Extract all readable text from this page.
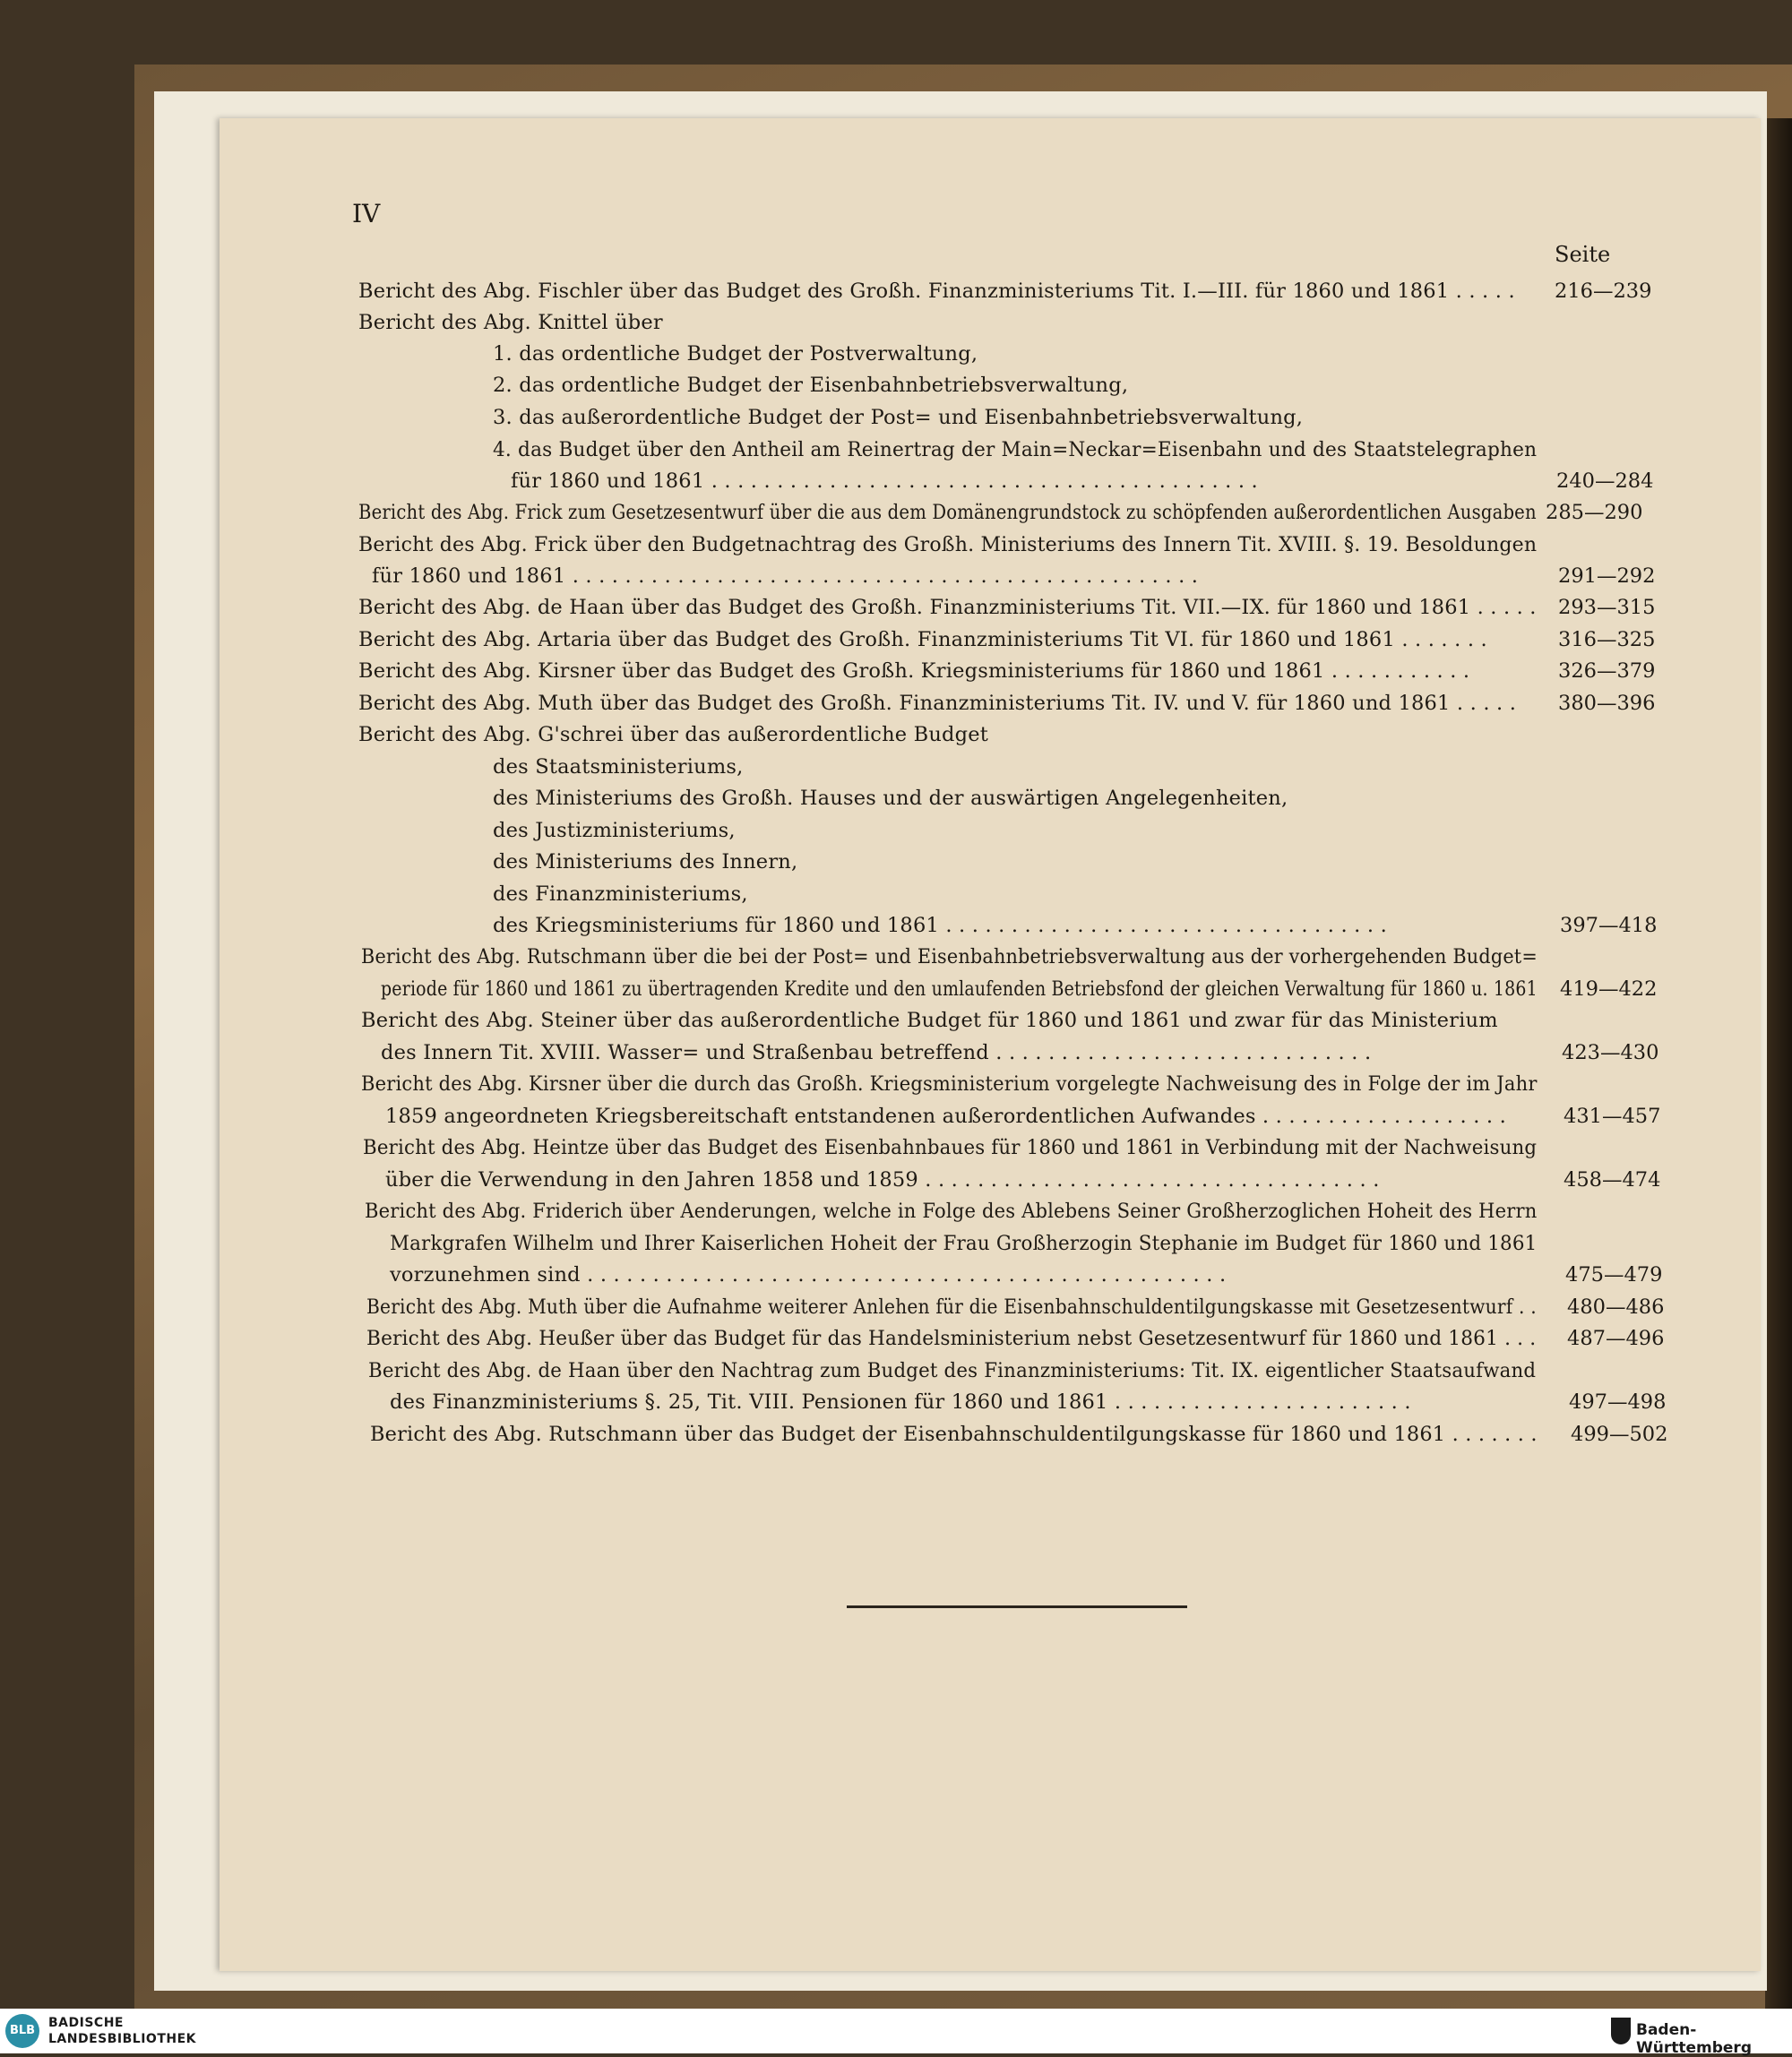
IV
Seite
Bericht des Abg. Fischler über das Budget des Großh. Finanzministeriums Tit. I.—III. für 1860 und 1861 . . . . . 216—239
Bericht des Abg. Knittel über
1. das ordentliche Budget der Postverwaltung,
2. das ordentliche Budget der Eisenbahnbetriebsverwaltung,
3. das außerordentliche Budget der Post= und Eisenbahnbetriebsverwaltung,
4. das Budget über den Antheil am Reinertrag der Main=Neckar=Eisenbahn und des Staatstelegraphen
für 1860 und 1861 . . . . . . . . . . . . . . . . . . . . . . . . . . . . . . . . . . . . . . . . . .	240—284
Bericht des Abg. Frick zum Gesetzesentwurf über die aus dem Domänengrundstock zu schöpfenden außerordentlichen Ausgaben 285—290
Bericht des Abg. Frick über den Budgetnachtrag des Großh. Ministeriums des Innern Tit. XVIII. §. 19. Besoldungen
für 1860 und 1861 . . . . . . . . . . . . . . . . . . . . . . . . . . . . . . . . . . . . . . . . . . . . . . . .	291—292
Bericht des Abg. de Haan über das Budget des Großh. Finanzministeriums Tit. VII.—IX. für 1860 und 1861 . . . . . 293—315
Bericht des Abg. Artaria über das Budget des Großh. Finanzministeriums Tit VI. für 1860 und 1861 . . . . . . .	316—325
Bericht des Abg. Kirsner über das Budget des Großh. Kriegsministeriums für 1860 und 1861 . . . . . . . . . . .	326—379
Bericht des Abg. Muth über das Budget des Großh. Finanzministeriums Tit. IV. und V. für 1860 und 1861 . . . . . 380—396
Bericht des Abg. G'schrei über das außerordentliche Budget
des Staatsministeriums,
des Ministeriums des Großh. Hauses und der auswärtigen Angelegenheiten,
des Justizministeriums,
des Ministeriums des Innern,
des Finanzministeriums,
des Kriegsministeriums für 1860 und 1861 . . . . . . . . . . . . . . . . . . . . . . . . . . . . . . . . . .	397—418
Bericht des Abg. Rutschmann über die bei der Post= und Eisenbahnbetriebsverwaltung aus der vorhergehenden Budget=
periode für 1860 und 1861 zu übertragenden Kredite und den umlaufenden Betriebsfond der gleichen Verwaltung für 1860 u. 1861 419—422
Bericht des Abg. Steiner über das außerordentliche Budget für 1860 und 1861 und zwar für das Ministerium
des Innern Tit. XVIII. Wasser= und Straßenbau betreffend . . . . . . . . . . . . . . . . . . . . . . . . . . . . .	423—430
Bericht des Abg. Kirsner über die durch das Großh. Kriegsministerium vorgelegte Nachweisung des in Folge der im Jahr
1859 angeordneten Kriegsbereitschaft entstandenen außerordentlichen Aufwandes . . . . . . . . . . . . . . . . . . .	431—457
Bericht des Abg. Heintze über das Budget des Eisenbahnbaues für 1860 und 1861 in Verbindung mit der Nachweisung
über die Verwendung in den Jahren 1858 und 1859 . . . . . . . . . . . . . . . . . . . . . . . . . . . . . . . . . . .	458—474
Bericht des Abg. Friderich über Aenderungen, welche in Folge des Ablebens Seiner Großherzoglichen Hoheit des Herrn
Markgrafen Wilhelm und Ihrer Kaiserlichen Hoheit der Frau Großherzogin Stephanie im Budget für 1860 und 1861
vorzunehmen sind . . . . . . . . . . . . . . . . . . . . . . . . . . . . . . . . . . . . . . . . . . . . . . . . .	475—479
Bericht des Abg. Muth über die Aufnahme weiterer Anlehen für die Eisenbahnschuldentilgungskasse mit Gesetzesentwurf . . 480—486
Bericht des Abg. Heußer über das Budget für das Handelsministerium nebst Gesetzesentwurf für 1860 und 1861 . . . 487—496
Bericht des Abg. de Haan über den Nachtrag zum Budget des Finanzministeriums: Tit. IX. eigentlicher Staatsaufwand
des Finanzministeriums §. 25, Tit. VIII. Pensionen für 1860 und 1861 . . . . . . . . . . . . . . . . . . . . . . .	497—498
Bericht des Abg. Rutschmann über das Budget der Eisenbahnschuldentilgungskasse für 1860 und 1861 . . . . . . . 499—502
BLB
BADISCHE
LANDESBIBLIOTHEK	Baden-Württemberg
